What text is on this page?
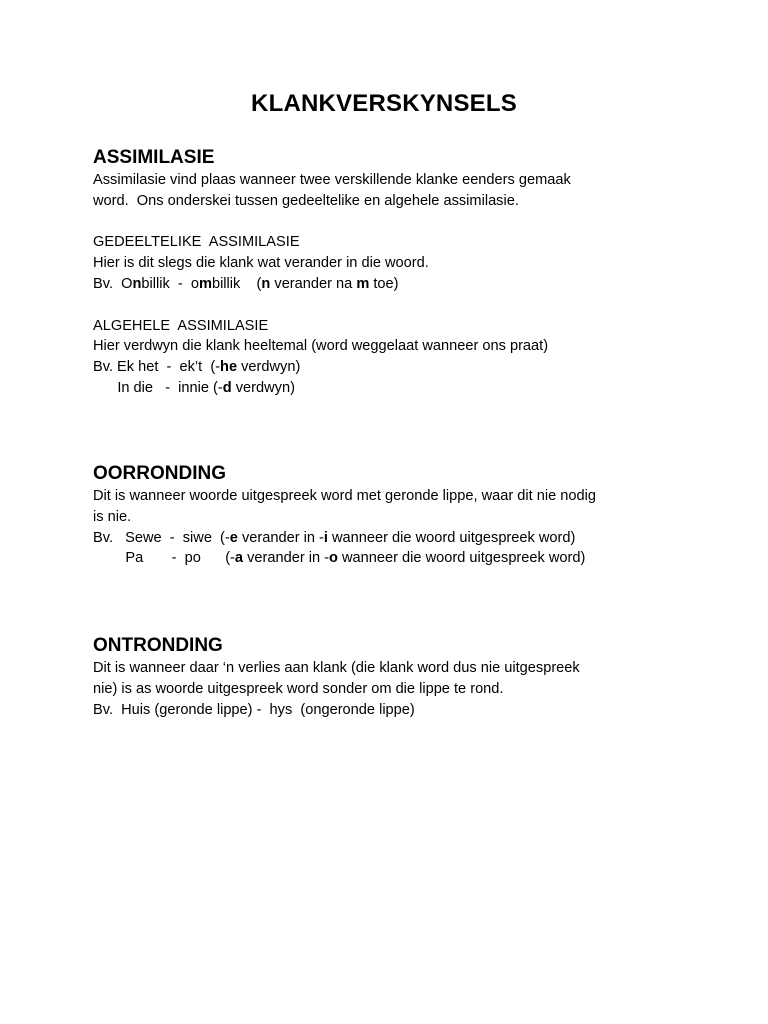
KLANKVERSKYNSELS
ASSIMILASIE
Assimilasie vind plaas wanneer twee verskillende klanke eenders gemaak
word.  Ons onderskei tussen gedeeltelike en algehele assimilasie.
GEDEELTELIKE  ASSIMILASIE
Hier is dit slegs die klank wat verander in die woord.
Bv.  Onbillik  -  ombillik    (n verander na m toe)
ALGEHELE  ASSIMILASIE
Hier verdwyn die klank heeltemal (word weggelaat wanneer ons praat)
Bv. Ek het  -  ek’t  (-he verdwyn)
In die   -  innie (-d verdwyn)
OORRONDING
Dit is wanneer woorde uitgespreek word met geronde lippe, waar dit nie nodig
is nie.
Bv.   Sewe  -  siwe  (-e verander in -i wanneer die woord uitgespreek word)
Pa       -  po      (-a verander in -o wanneer die woord uitgespreek word)
ONTRONDING
Dit is wanneer daar ‘n verlies aan klank (die klank word dus nie uitgespreek
nie) is as woorde uitgespreek word sonder om die lippe te rond.
Bv.  Huis (geronde lippe) -  hys  (ongeronde lippe)
